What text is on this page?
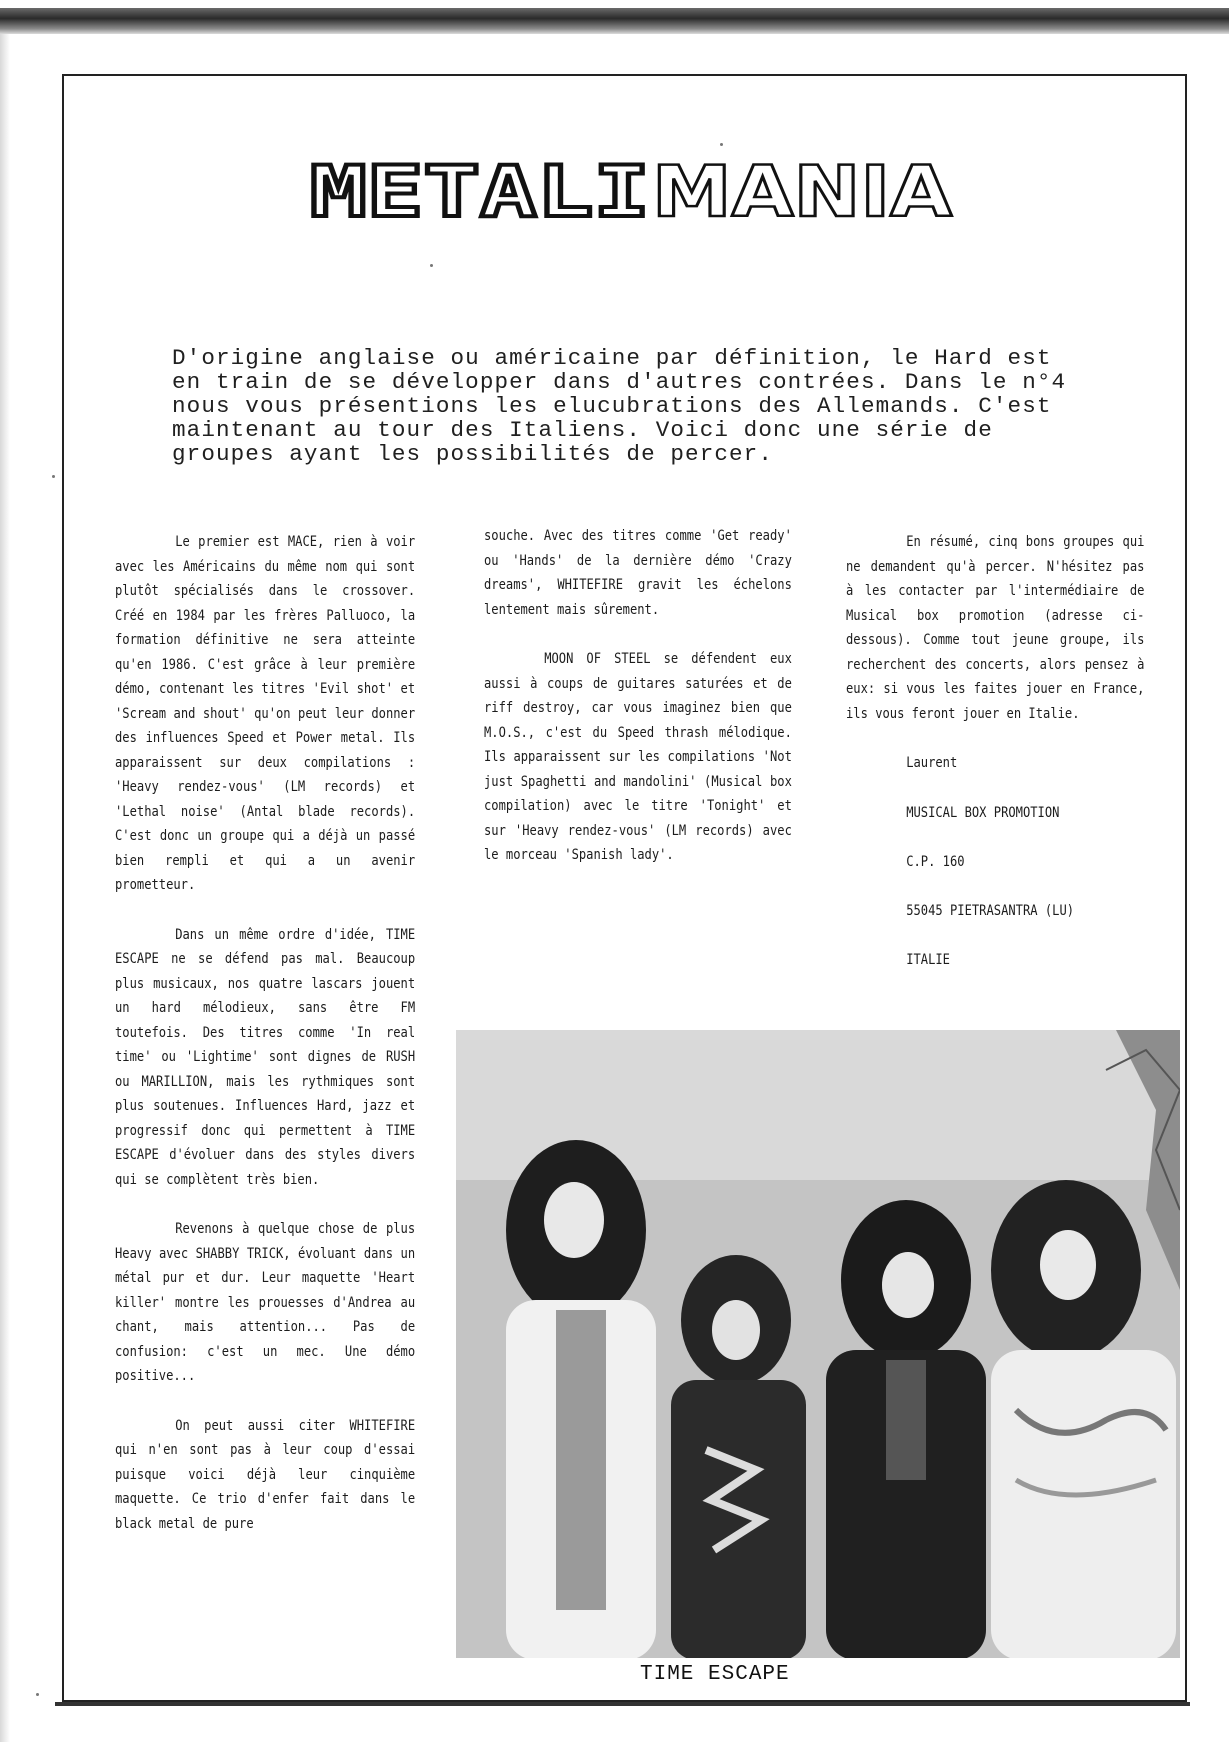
METALI MANIA
D'origine anglaise ou américaine par définition, le Hard est
en train de se développer dans d'autres contrées. Dans le n°4
nous vous présentions les elucubrations des Allemands. C'est
maintenant au tour des Italiens. Voici donc une série de
groupes ayant les possibilités de percer.

Le premier est MACE, rien à voir avec les Américains du même nom qui sont plutôt spécialisés dans le crossover. Créé en 1984 par les frères Palluoco, la formation définitive ne sera atteinte qu'en 1986. C'est grâce à leur première démo, contenant les titres 'Evil shot' et 'Scream and shout' qu'on peut leur donner des influences Speed et Power metal. Ils apparaissent sur deux compilations : 'Heavy rendez-vous' (LM records) et 'Lethal noise' (Antal blade records). C'est donc un groupe qui a déjà un passé bien rempli et qui a un avenir prometteur.

Dans un même ordre d'idée, TIME ESCAPE ne se défend pas mal. Beaucoup plus musicaux, nos quatre lascars jouent un hard mélodieux, sans être FM toutefois. Des titres comme 'In real time' ou 'Lightime' sont dignes de RUSH ou MARILLION, mais les rythmiques sont plus soutenues. Influences Hard, jazz et progressif donc qui permettent à TIME ESCAPE d'évoluer dans des styles divers qui se complètent très bien.

Revenons à quelque chose de plus Heavy avec SHABBY TRICK, évoluant dans un métal pur et dur. Leur maquette 'Heart killer' montre les prouesses d'Andrea au chant, mais attention... Pas de confusion: c'est un mec. Une démo positive...

On peut aussi citer WHITEFIRE qui n'en sont pas à leur coup d'essai puisque voici déjà leur cinquième maquette. Ce trio d'enfer fait dans le black metal de pure

souche. Avec des titres comme 'Get ready' ou 'Hands' de la dernière démo 'Crazy dreams', WHITEFIRE gravit les échelons lentement mais sûrement.

MOON OF STEEL se défendent eux aussi à coups de guitares saturées et de riff destroy, car vous imaginez bien que M.O.S., c'est du Speed thrash mélodique. Ils apparaissent sur les compilations 'Not just Spaghetti and mandolini' (Musical box compilation) avec le titre 'Tonight' et sur 'Heavy rendez-vous' (LM records) avec le morceau 'Spanish lady'.

En résumé, cinq bons groupes qui ne demandent qu'à percer. N'hésitez pas à les contacter par l'intermédiaire de Musical box promotion (adresse ci-dessous). Comme tout jeune groupe, ils recherchent des concerts, alors pensez à eux: si vous les faites jouer en France, ils vous feront jouer en Italie.

Laurent

MUSICAL BOX PROMOTION

C.P. 160

55045 PIETRASANTRA (LU)

ITALIE

TIME ESCAPE
